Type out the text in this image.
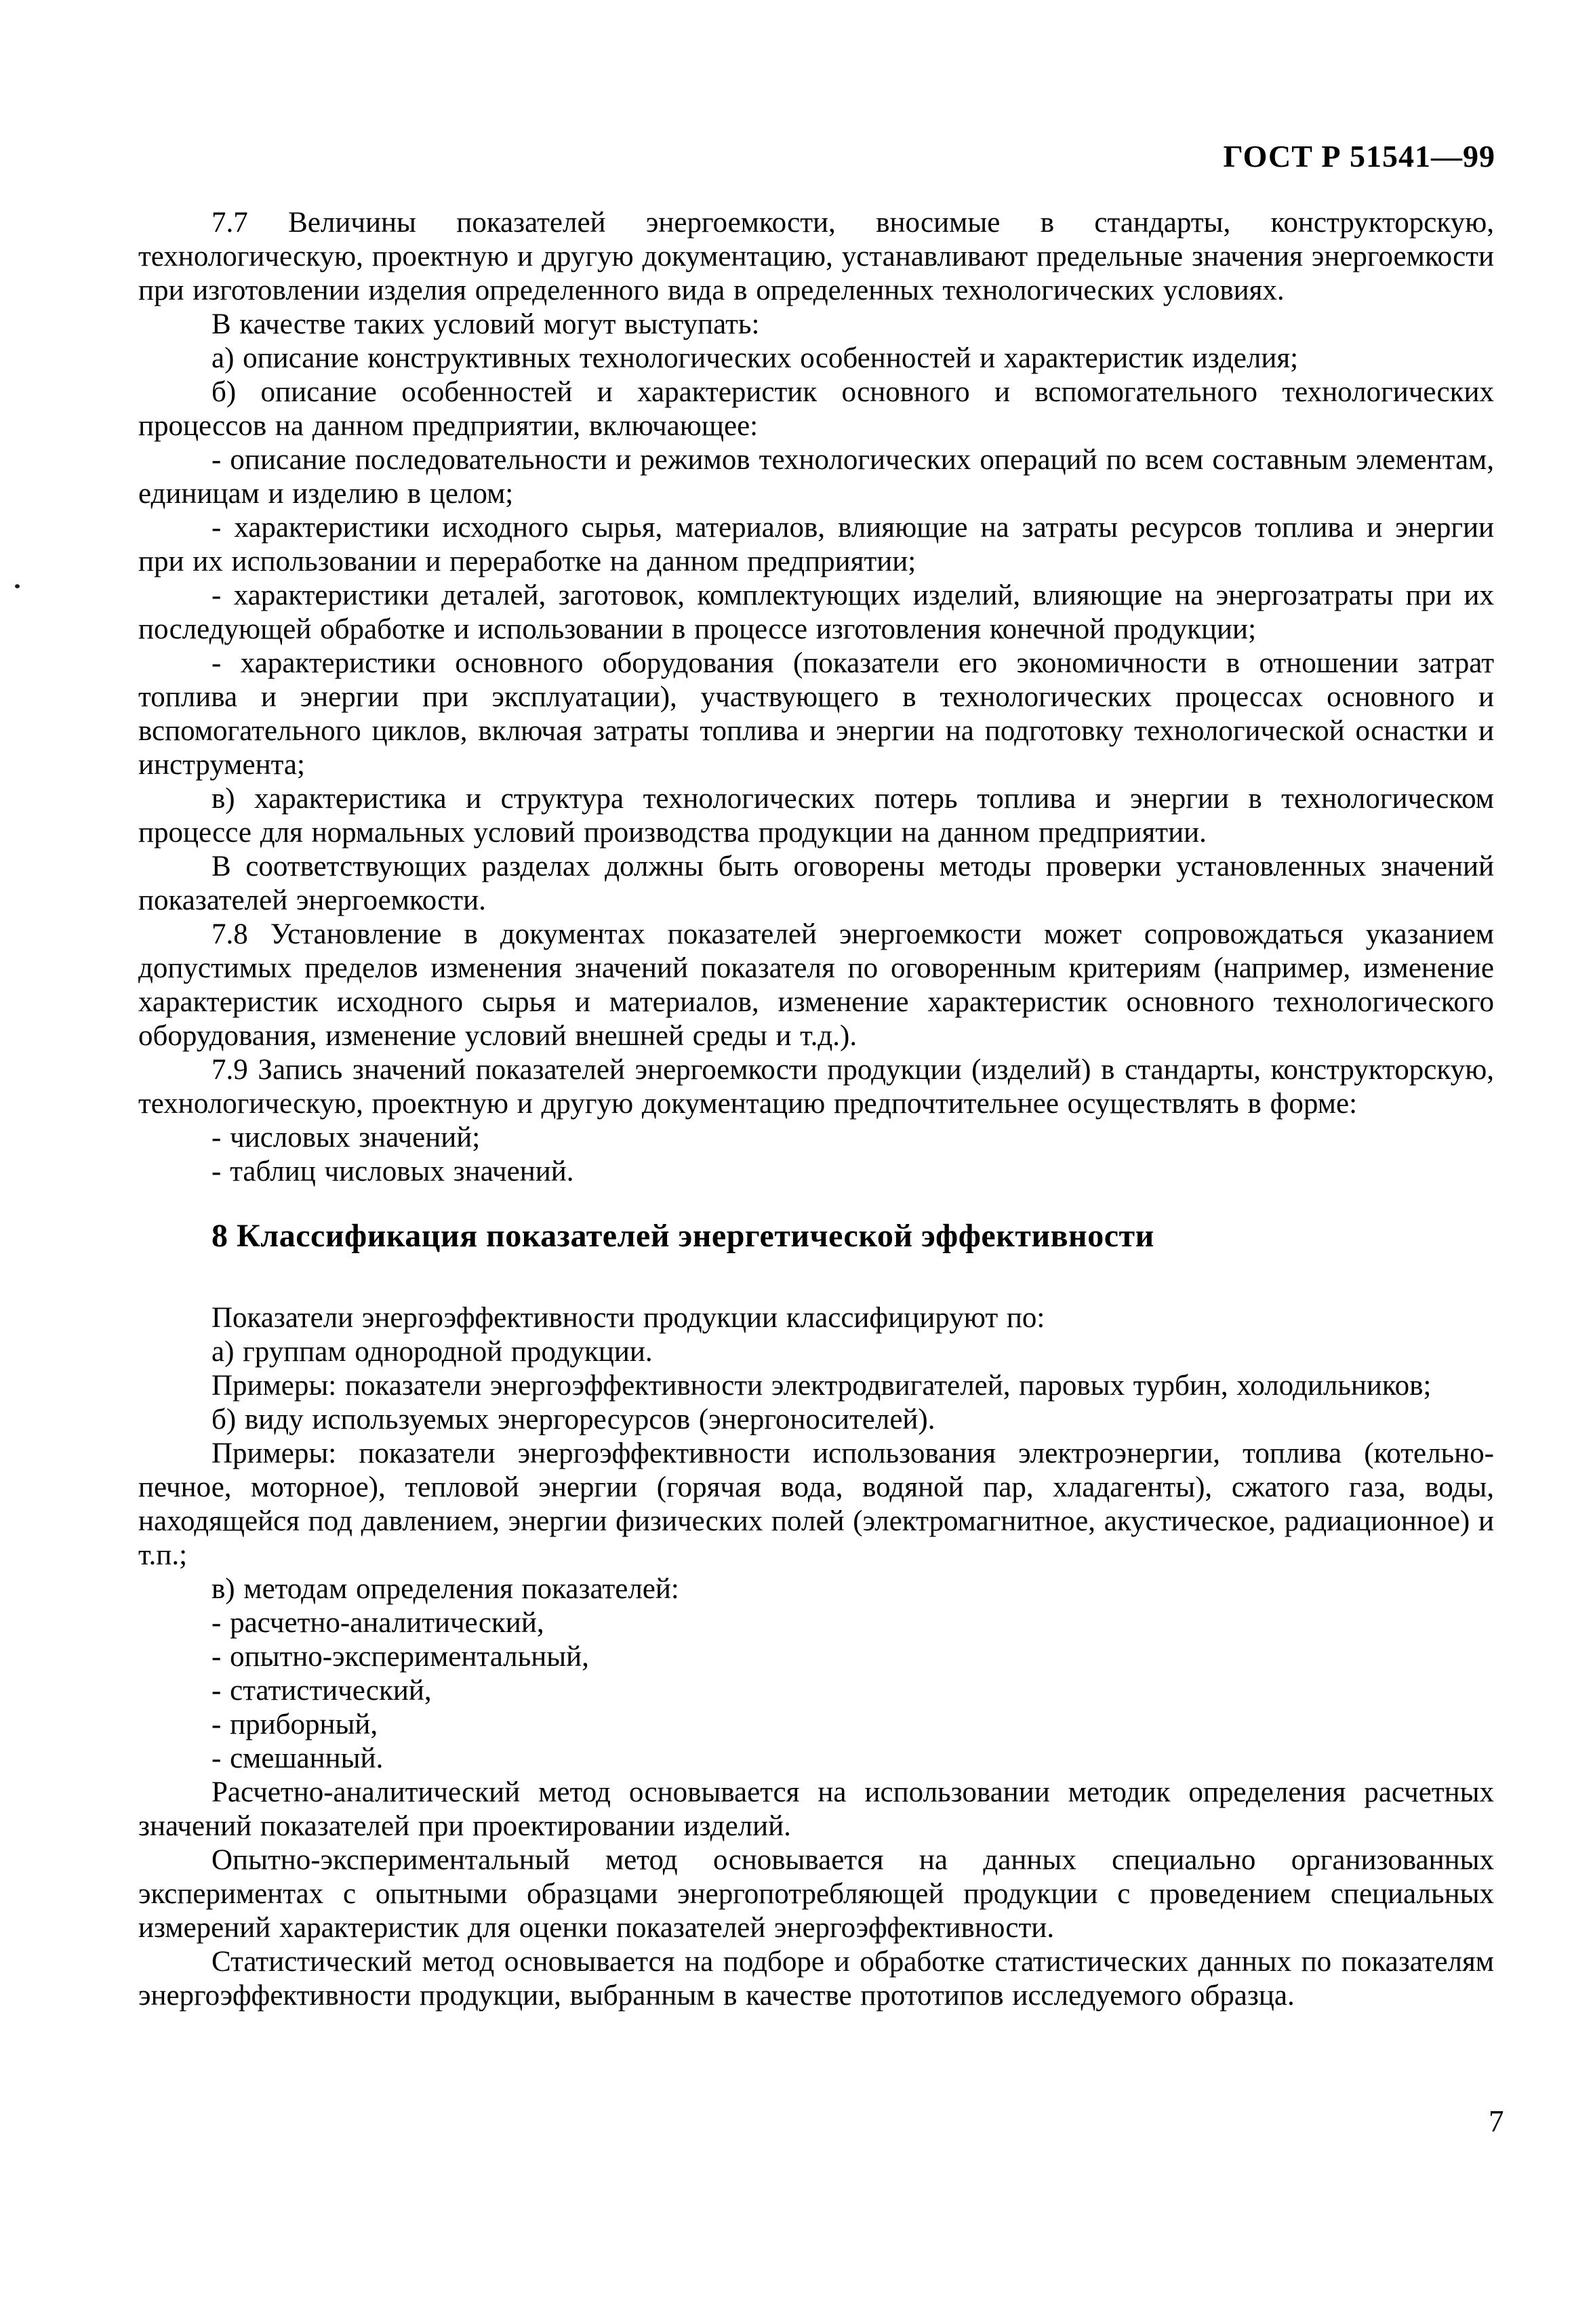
ГОСТ Р 51541—99

7.7 Величины показателей энергоемкости, вносимые в стандарты, конструкторскую, технологическую, проектную и другую документацию, устанавливают предельные значения энергоемкости при изготовлении изделия определенного вида в определенных технологических условиях.

В качестве таких условий могут выступать:

а) описание конструктивных технологических особенностей и характеристик изделия;

б) описание особенностей и характеристик основного и вспомогательного технологических процессов на данном предприятии, включающее:

- описание последовательности и режимов технологических операций по всем составным элементам, единицам и изделию в целом;

- характеристики исходного сырья, материалов, влияющие на затраты ресурсов топлива и энергии при их использовании и переработке на данном предприятии;

- характеристики деталей, заготовок, комплектующих изделий, влияющие на энергозатраты при их последующей обработке и использовании в процессе изготовления конечной продукции;

- характеристики основного оборудования (показатели его экономичности в отношении затрат топлива и энергии при эксплуатации), участвующего в технологических процессах основного и вспомогательного циклов, включая затраты топлива и энергии на подготовку технологической оснастки и инструмента;

в) характеристика и структура технологических потерь топлива и энергии в технологическом процессе для нормальных условий производства продукции на данном предприятии.

В соответствующих разделах должны быть оговорены методы проверки установленных значений показателей энергоемкости.

7.8 Установление в документах показателей энергоемкости может сопровождаться указанием допустимых пределов изменения значений показателя по оговоренным критериям (например, изменение характеристик исходного сырья и материалов, изменение характеристик основного технологического оборудования, изменение условий внешней среды и т.д.).

7.9 Запись значений показателей энергоемкости продукции (изделий) в стандарты, конструкторскую, технологическую, проектную и другую документацию предпочтительнее осуществлять в форме:

- числовых значений;

- таблиц числовых значений.

8 Классификация показателей энергетической эффективности

Показатели энергоэффективности продукции классифицируют по:

а) группам однородной продукции.

Примеры: показатели энергоэффективности электродвигателей, паровых турбин, холодильников;

б) виду используемых энергоресурсов (энергоносителей).

Примеры: показатели энергоэффективности использования электроэнергии, топлива (котельно-печное, моторное), тепловой энергии (горячая вода, водяной пар, хладагенты), сжатого газа, воды, находящейся под давлением, энергии физических полей (электромагнитное, акустическое, радиационное) и т.п.;

в) методам определения показателей:

- расчетно-аналитический,

- опытно-экспериментальный,

- статистический,

- приборный,

- смешанный.

Расчетно-аналитический метод основывается на использовании методик определения расчетных значений показателей при проектировании изделий.

Опытно-экспериментальный метод основывается на данных специально организованных экспериментах с опытными образцами энергопотребляющей продукции с проведением специальных измерений характеристик для оценки показателей энергоэффективности.

Статистический метод основывается на подборе и обработке статистических данных по показателям энергоэффективности продукции, выбранным в качестве прототипов исследуемого образца.

7
